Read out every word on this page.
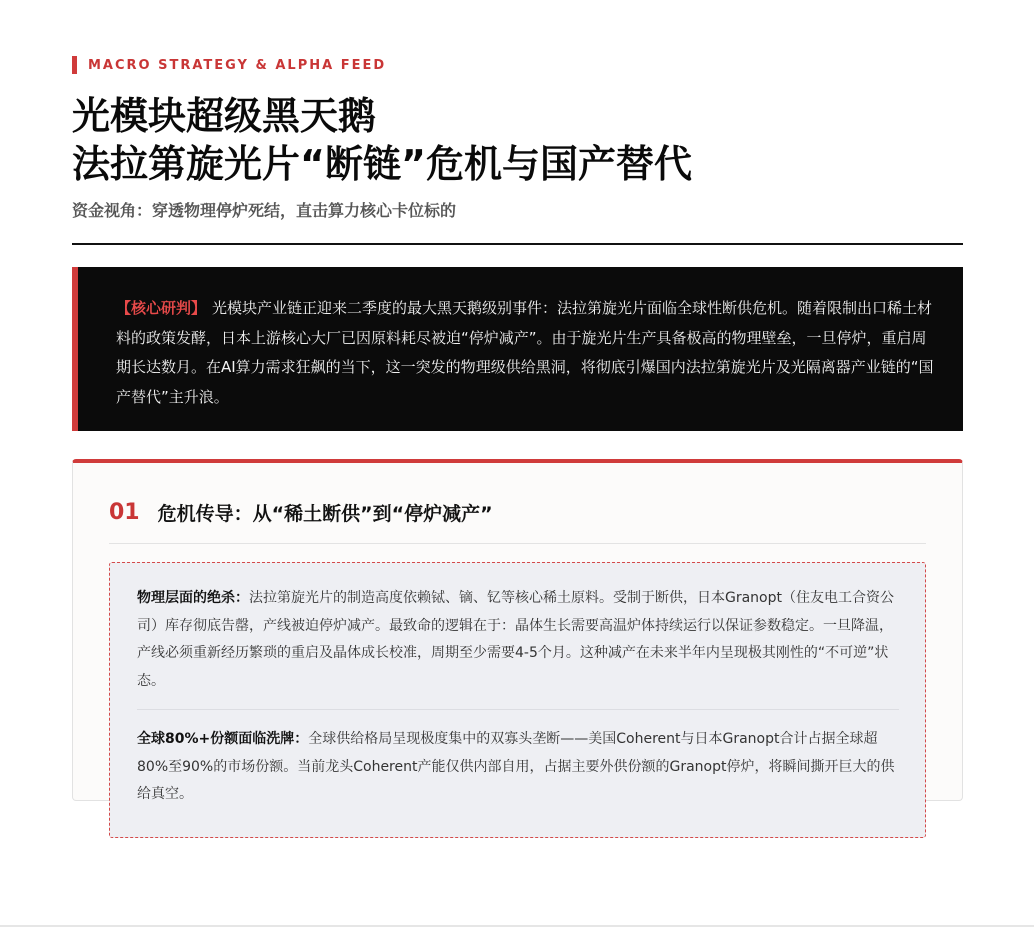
MACRO STRATEGY & ALPHA FEED
光模块超级黑天鹅
法拉第旋光片“断链”危机与国产替代
资金视角：穿透物理停炉死结，直击算力核心卡位标的
【核心研判】 光模块产业链正迎来二季度的最大黑天鹅级别事件：法拉第旋光片面临全球性断供危机。随着限制出口稀土材料的政策发酵，日本上游核心大厂已因原料耗尽被迫“停炉减产”。由于旋光片生产具备极高的物理壁垒，一旦停炉，重启周期长达数月。在AI算力需求狂飙的当下，这一突发的物理级供给黑洞，将彻底引爆国内法拉第旋光片及光隔离器产业链的“国产替代”主升浪。
01 危机传导：从“稀土断供”到“停炉减产”
物理层面的绝杀：法拉第旋光片的制造高度依赖铽、镝、钇等核心稀土原料。受制于断供，日本Granopt（住友电工合资公司）库存彻底告罄，产线被迫停炉减产。最致命的逻辑在于：晶体生长需要高温炉体持续运行以保证参数稳定。一旦降温，产线必须重新经历繁琐的重启及晶体成长校准，周期至少需要4-5个月。这种减产在未来半年内呈现极其刚性的“不可逆”状态。
全球80%+份额面临洗牌：全球供给格局呈现极度集中的双寡头垄断——美国Coherent与日本Granopt合计占据全球超80%至90%的市场份额。当前龙头Coherent产能仅供内部自用，占据主要外供份额的Granopt停炉，将瞬间撕开巨大的供给真空。
